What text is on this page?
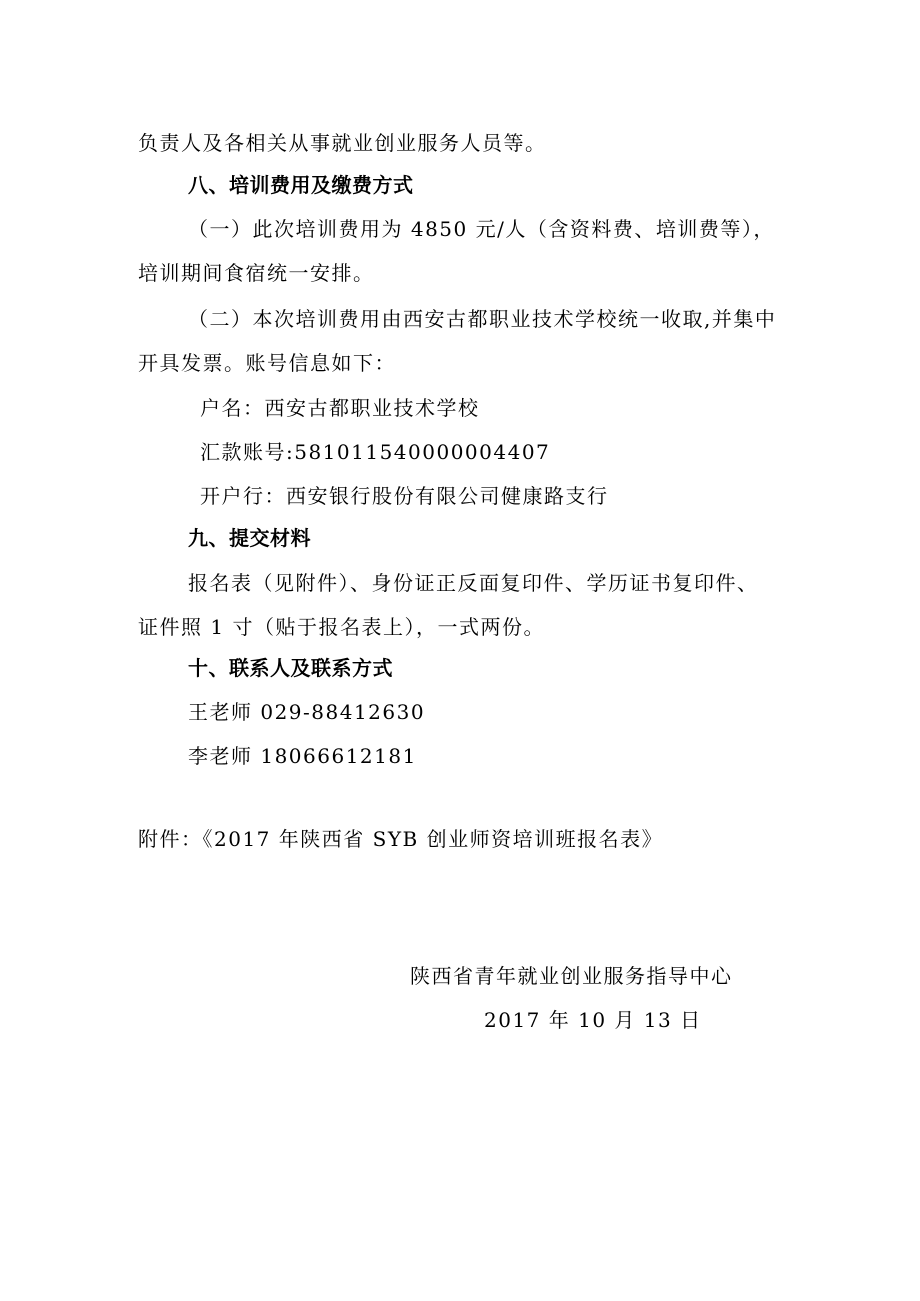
负责人及各相关从事就业创业服务人员等。
八、培训费用及缴费方式
（一）此次培训费用为 4850 元/人（含资料费、培训费等），
培训期间食宿统一安排。
（二）本次培训费用由西安古都职业技术学校统一收取,并集中
开具发票。账号信息如下：
户名：西安古都职业技术学校
汇款账号:581011540000004407
开户行：西安银行股份有限公司健康路支行
九、提交材料
报名表（见附件）、身份证正反面复印件、学历证书复印件、
证件照 1 寸（贴于报名表上），一式两份。
十、联系人及联系方式
王老师 029-88412630
李老师 18066612181
附件：《2017 年陕西省 SYB 创业师资培训班报名表》
陕西省青年就业创业服务指导中心
2017 年 10 月 13 日
